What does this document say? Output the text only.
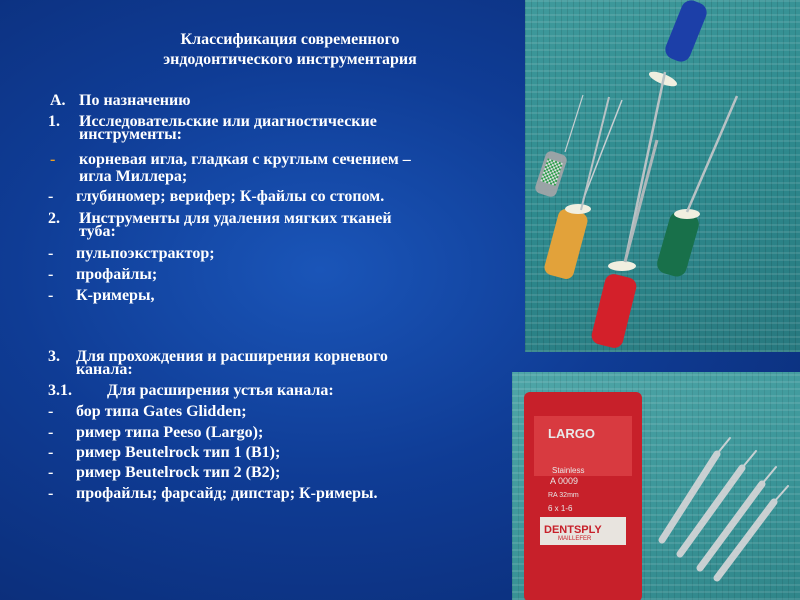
Классификация современного
эндодонтического инструментария
А. По назначению
1. Исследовательские или диагностические
инструменты:
- корневая игла, гладкая с круглым сечением –
игла Миллера;
- глубиномер; верифер; К-файлы со стопом.
2. Инструменты для удаления мягких тканей
туба:
- пульпоэкстрактор;
- профайлы;
- К-римеры,
3. Для прохождения и расширения корневого
канала:
3.1. Для расширения устья канала:
- бор типа Gates Glidden;
- ример типа Peeso (Largo);
- ример Beutelrock тип 1 (B1);
- ример Beutelrock тип 2 (B2);
- профайлы; фарсайд; дипстар; К-римеры.
LARGO
Stainless
A 0009
RA 32mm
6 x 1-6
DENTSPLY
MAILLEFER
